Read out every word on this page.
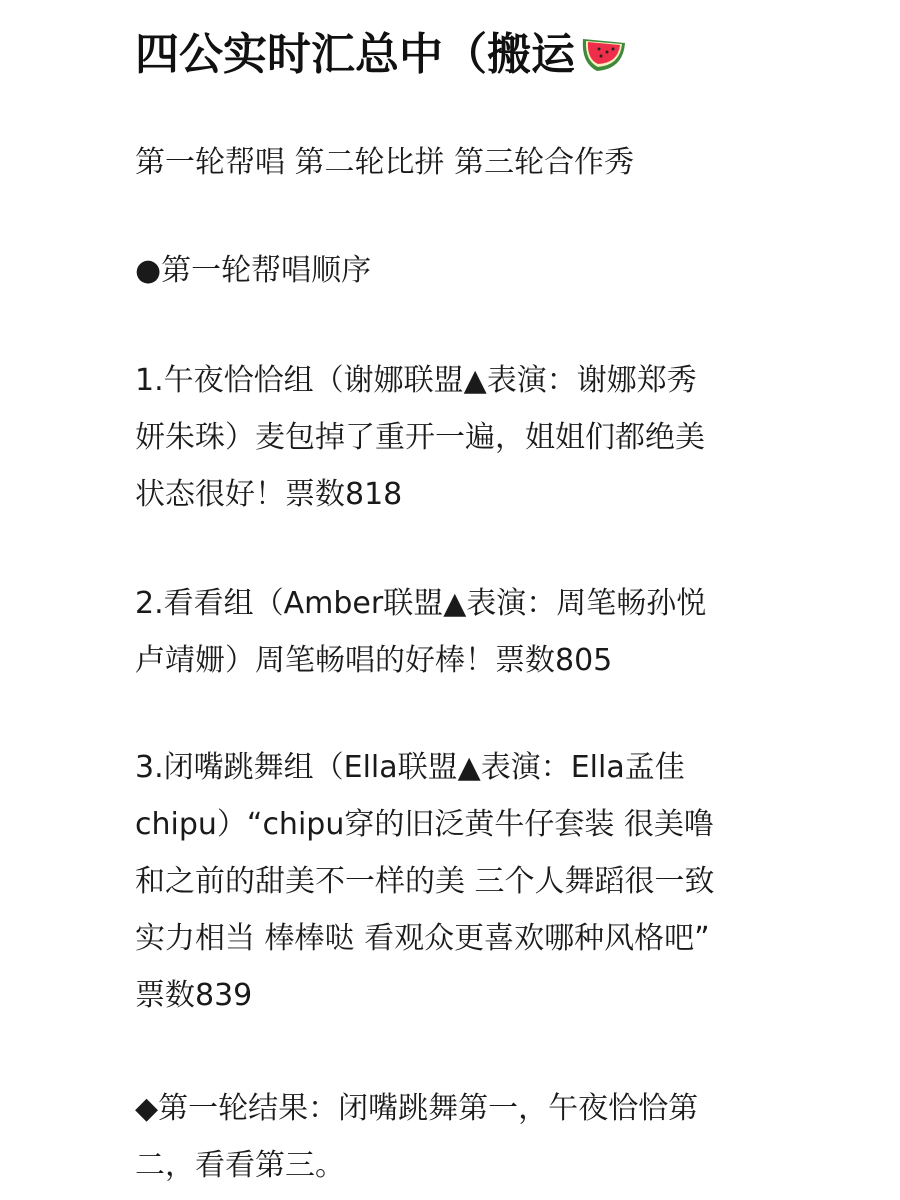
四公实时汇总中（搬运
第一轮帮唱 第二轮比拼 第三轮合作秀
●第一轮帮唱顺序
1.午夜恰恰组（谢娜联盟▲表演：谢娜郑秀
妍朱珠）麦包掉了重开一遍，姐姐们都绝美
状态很好！票数818
2.看看组（Amber联盟▲表演：周笔畅孙悦
卢靖姗）周笔畅唱的好棒！票数805
3.闭嘴跳舞组（Ella联盟▲表演：Ella孟佳
chipu）“chipu穿的旧泛黄牛仔套装 很美噜
和之前的甜美不一样的美 三个人舞蹈很一致
实力相当 棒棒哒 看观众更喜欢哪种风格吧”
票数839
◆第一轮结果：闭嘴跳舞第一，午夜恰恰第
二，看看第三。
